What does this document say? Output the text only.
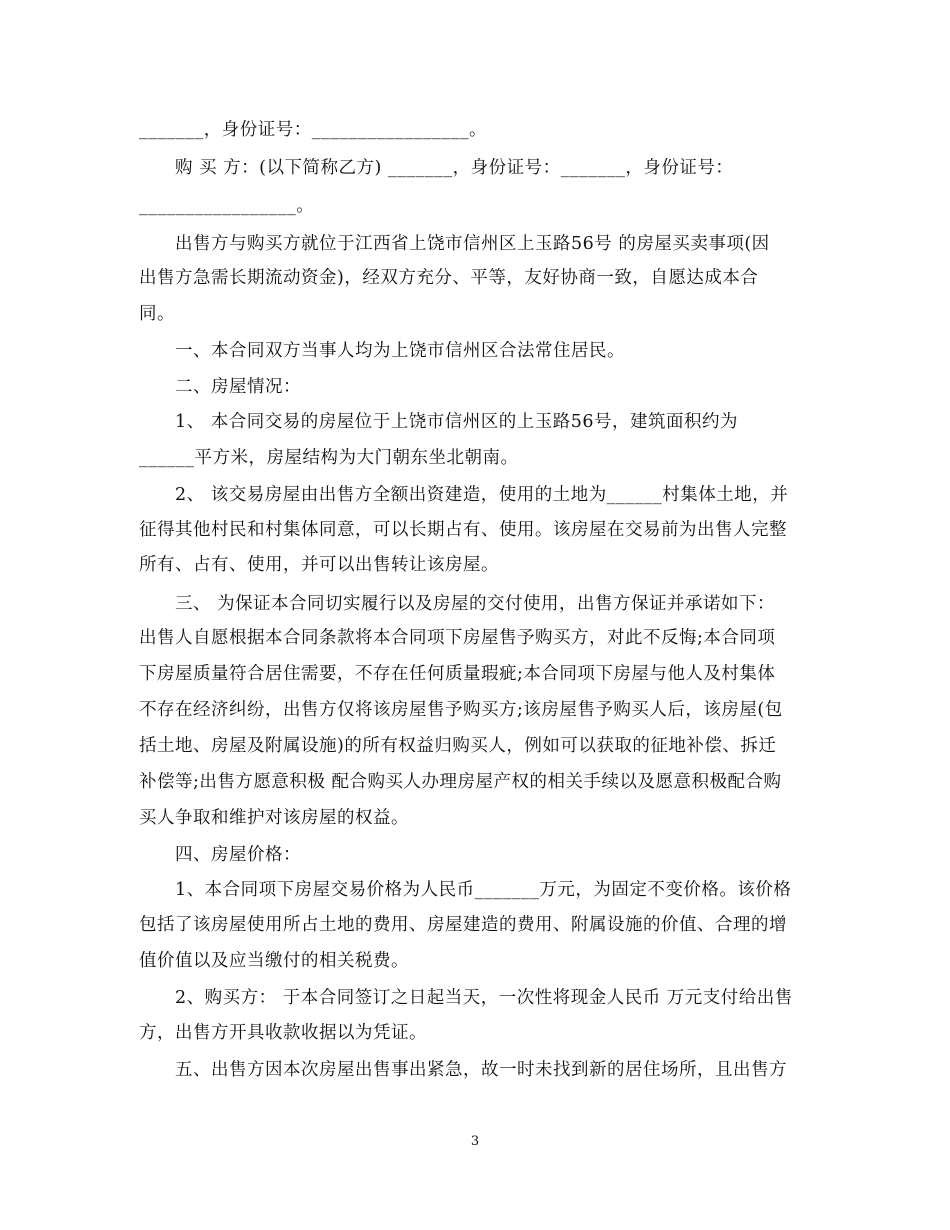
_______，身份证号：_________________。
购 买 方：(以下简称乙方) _______，身份证号：_______，身份证号：
_________________。
出售方与购买方就位于江西省上饶市信州区上玉路56号 的房屋买卖事项(因
出售方急需长期流动资金)，经双方充分、平等，友好协商一致，自愿达成本合
同。
一、本合同双方当事人均为上饶市信州区合法常住居民。
二、房屋情况：
1、 本合同交易的房屋位于上饶市信州区的上玉路56号，建筑面积约为
______平方米，房屋结构为大门朝东坐北朝南。
2、 该交易房屋由出售方全额出资建造，使用的土地为______村集体土地，并
征得其他村民和村集体同意，可以长期占有、使用。该房屋在交易前为出售人完整
所有、占有、使用，并可以出售转让该房屋。
三、 为保证本合同切实履行以及房屋的交付使用，出售方保证并承诺如下：
出售人自愿根据本合同条款将本合同项下房屋售予购买方，对此不反悔;本合同项
下房屋质量符合居住需要，不存在任何质量瑕疵;本合同项下房屋与他人及村集体
不存在经济纠纷，出售方仅将该房屋售予购买方;该房屋售予购买人后，该房屋(包
括土地、房屋及附属设施)的所有权益归购买人，例如可以获取的征地补偿、拆迁
补偿等;出售方愿意积极 配合购买人办理房屋产权的相关手续以及愿意积极配合购
买人争取和维护对该房屋的权益。
四、房屋价格：
1、本合同项下房屋交易价格为人民币_______万元，为固定不变价格。该价格
包括了该房屋使用所占土地的费用、房屋建造的费用、附属设施的价值、合理的增
值价值以及应当缴付的相关税费。
2、购买方： 于本合同签订之日起当天，一次性将现金人民币 万元支付给出售
方，出售方开具收款收据以为凭证。
五、出售方因本次房屋出售事出紧急，故一时未找到新的居住场所，且出售方
3
